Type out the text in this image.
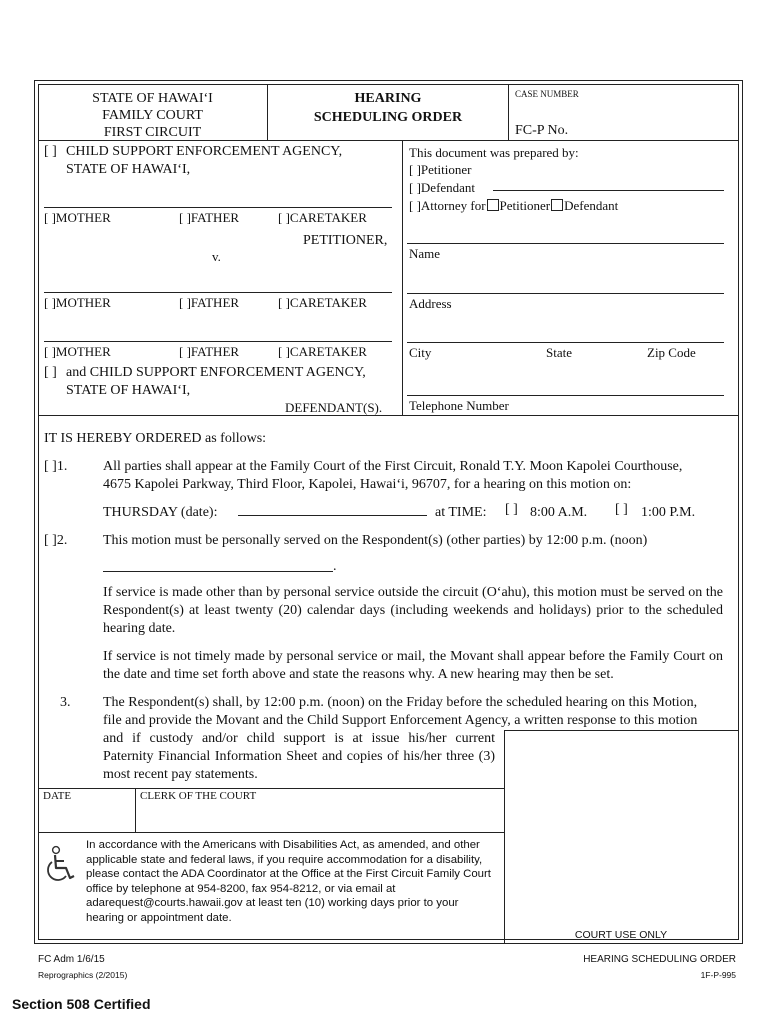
STATE OF HAWAI‘I
FAMILY COURT
FIRST CIRCUIT
HEARING
SCHEDULING ORDER
CASE NUMBER
FC-P No.
[ ] CHILD SUPPORT ENFORCEMENT AGENCY,
STATE OF HAWAI‘I,
[ ]MOTHER	[ ]FATHER	[ ]CARETAKER
PETITIONER,
v.
[ ]MOTHER	[ ]FATHER	[ ]CARETAKER
[ ]MOTHER	[ ]FATHER	[ ]CARETAKER
[ ] and CHILD SUPPORT ENFORCEMENT AGENCY,
STATE OF HAWAI‘I,
DEFENDANT(S).
This document was prepared by:
[ ]Petitioner
[ ]Defendant
[ ]Attorney for Petitioner Defendant
Name
Address
City	State	Zip Code
Telephone Number
IT IS HEREBY ORDERED as follows:
[ ]1.	All parties shall appear at the Family Court of the First Circuit, Ronald T.Y. Moon Kapolei Courthouse,
4675 Kapolei Parkway, Third Floor, Kapolei, Hawai‘i, 96707, for a hearing on this motion on:
THURSDAY (date):	at TIME: [ ] 8:00 A.M. [ ] 1:00 P.M.
[ ]2.	This motion must be personally served on the Respondent(s) (other parties) by 12:00 p.m. (noon)
.
If service is made other than by personal service outside the circuit (O‘ahu), this motion must be served on the Respondent(s) at least twenty (20) calendar days (including weekends and holidays) prior to the scheduled hearing date.
If service is not timely made by personal service or mail, the Movant shall appear before the Family Court on the date and time set forth above and state the reasons why. A new hearing may then be set.
3. The Respondent(s) shall, by 12:00 p.m. (noon) on the Friday before the scheduled hearing on this Motion,
file and provide the Movant and the Child Support Enforcement Agency, a written response to this motion
and if custody and/or child support is at issue his/her current Paternity Financial Information Sheet and copies of his/her three (3) most recent pay statements.
COURT USE ONLY
DATE	CLERK OF THE COURT
In accordance with the Americans with Disabilities Act, as amended, and other applicable state and federal laws, if you require accommodation for a disability, please contact the ADA Coordinator at the Office at the First Circuit Family Court office by telephone at 954-8200, fax 954-8212, or via email at adarequest@courts.hawaii.gov at least ten (10) working days prior to your hearing or appointment date.
FC Adm 1/6/15
Reprographics (2/2015)
HEARING SCHEDULING ORDER
1F-P-995
Section 508 Certified
